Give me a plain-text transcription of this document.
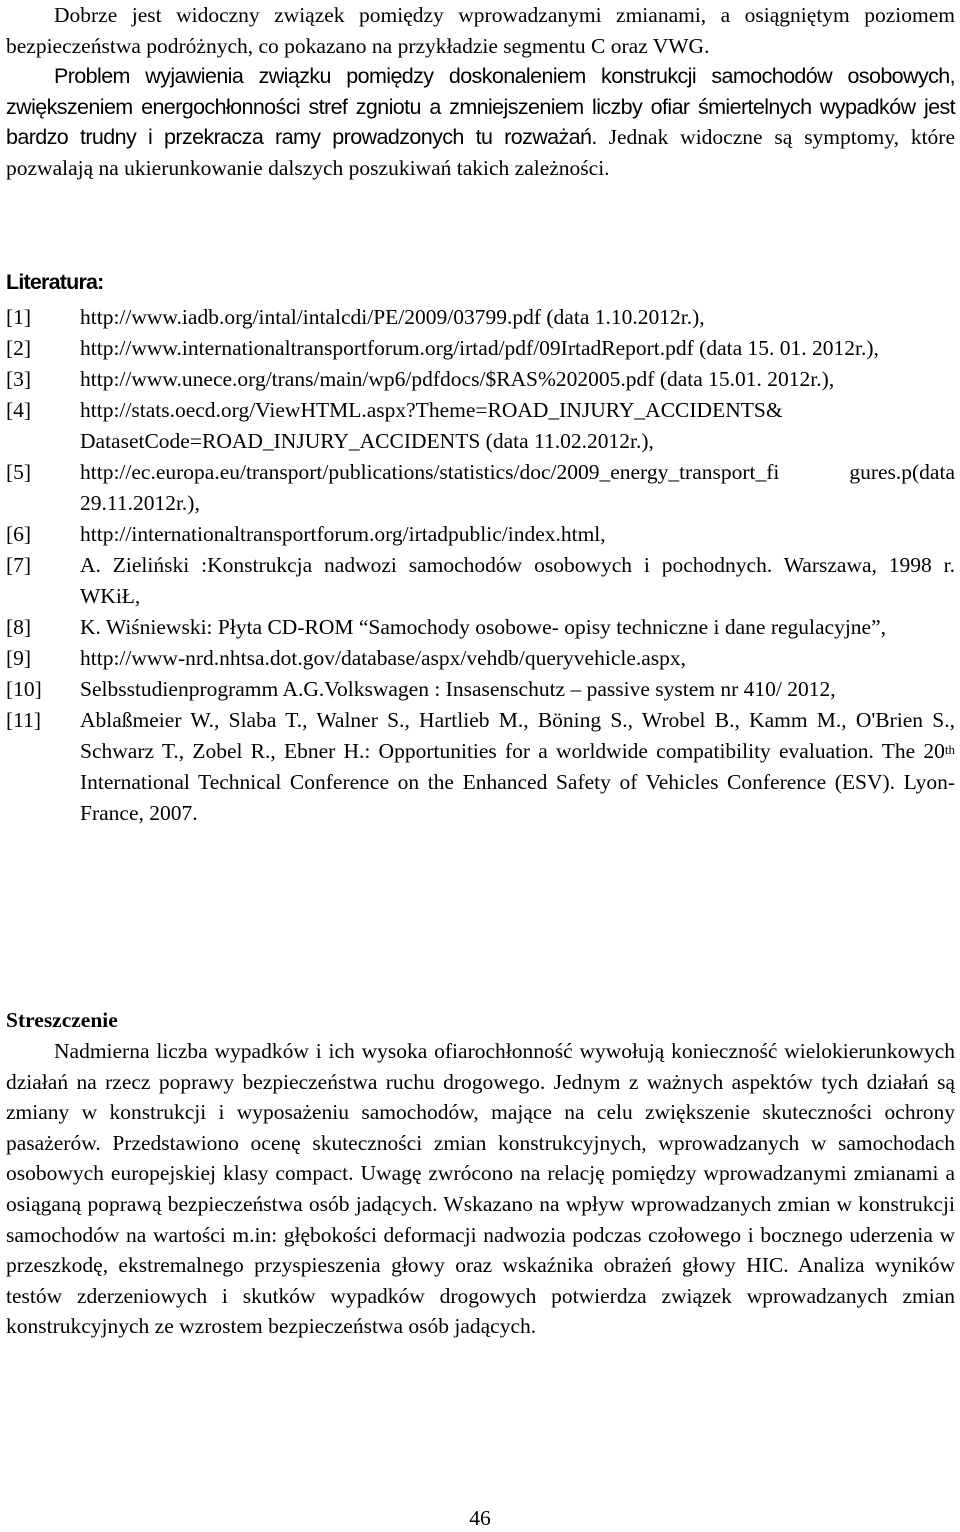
Dobrze jest widoczny związek pomiędzy wprowadzanymi zmianami, a osiągniętym poziomem bezpieczeństwa podróżnych, co pokazano na przykładzie segmentu C oraz VWG.

Problem wyjawienia związku pomiędzy doskonaleniem konstrukcji samochodów osobowych, zwiększeniem energochłonności stref zgniotu a zmniejszeniem liczby ofiar śmiertelnych wypadków jest bardzo trudny i przekracza ramy prowadzonych tu rozważań. Jednak widoczne są symptomy, które pozwalają na ukierunkowanie dalszych poszukiwań takich zależności.

Literatura:
[1] http://www.iadb.org/intal/intalcdi/PE/2009/03799.pdf (data 1.10.2012r.),
[2] http://www.internationaltransportforum.org/irtad/pdf/09IrtadReport.pdf (data 15. 01. 2012r.),
[3] http://www.unece.org/trans/main/wp6/pdfdocs/$RAS%202005.pdf (data 15.01. 2012r.),
[4] http://stats.oecd.org/ViewHTML.aspx?Theme=ROAD_INJURY_ACCIDENTS& DatasetCode=ROAD_INJURY_ACCIDENTS (data 11.02.2012r.),
[5] http://ec.europa.eu/transport/publications/statistics/doc/2009_energy_transport_fi gures.p(data 29.11.2012r.),
[6] http://internationaltransportforum.org/irtadpublic/index.html,
[7] A. Zieliński :Konstrukcja nadwozi samochodów osobowych i pochodnych. Warszawa, 1998 r. WKiŁ,
[8] K. Wiśniewski: Płyta CD-ROM “Samochody osobowe- opisy techniczne i dane regulacyjne”,
[9] http://www-nrd.nhtsa.dot.gov/database/aspx/vehdb/queryvehicle.aspx,
[10] Selbsstudienprogramm A.G.Volkswagen : Insasenschutz – passive system nr 410/ 2012,
[11] Ablaßmeier W., Slaba T., Walner S., Hartlieb M., Böning S., Wrobel B., Kamm M., O'Brien S., Schwarz T., Zobel R., Ebner H.: Opportunities for a worldwide compatibility evaluation. The 20th International Technical Conference on the Enhanced Safety of Vehicles Conference (ESV). Lyon-France, 2007.
Streszczenie

Nadmierna liczba wypadków i ich wysoka ofiarochłonność wywołują konieczność wielokierunkowych działań na rzecz poprawy bezpieczeństwa ruchu drogowego. Jednym z ważnych aspektów tych działań są zmiany w konstrukcji i wyposażeniu samochodów, mające na celu zwiększenie skuteczności ochrony pasażerów. Przedstawiono ocenę skuteczności zmian konstrukcyjnych, wprowadzanych w samochodach osobowych europejskiej klasy compact. Uwagę zwrócono na relację pomiędzy wprowadzanymi zmianami a osiąganą poprawą bezpieczeństwa osób jadących. Wskazano na wpływ wprowadzanych zmian w konstrukcji samochodów na wartości m.in: głębokości deformacji nadwozia podczas czołowego i bocznego uderzenia w przeszkodę, ekstremalnego przyspieszenia głowy oraz wskaźnika obrażeń głowy HIC. Analiza wyników testów zderzeniowych i skutków wypadków drogowych potwierdza związek wprowadzanych zmian konstrukcyjnych ze wzrostem bezpieczeństwa osób jadących.

46
